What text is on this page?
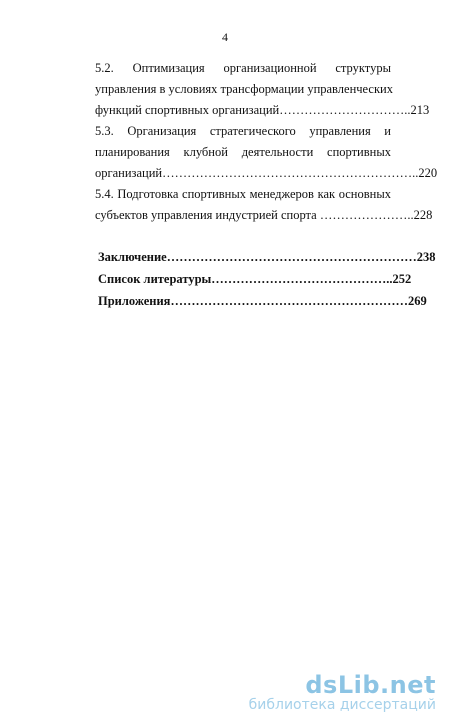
4
5.2. Оптимизация организационной структуры
управления в условиях трансформации управленческих
функций спортивных организаций…………………………..213
5.3. Организация стратегического управления и
планирования клубной деятельности спортивных
организаций……………………………………………………..220
5.4. Подготовка спортивных менеджеров как основных
субъектов управления индустрией спорта …………………..228
Заключение……………………………………………………238
Список литературы……………………………………..252
Приложения…………………………………………………269
dsLib.net
библиотека диссертаций
